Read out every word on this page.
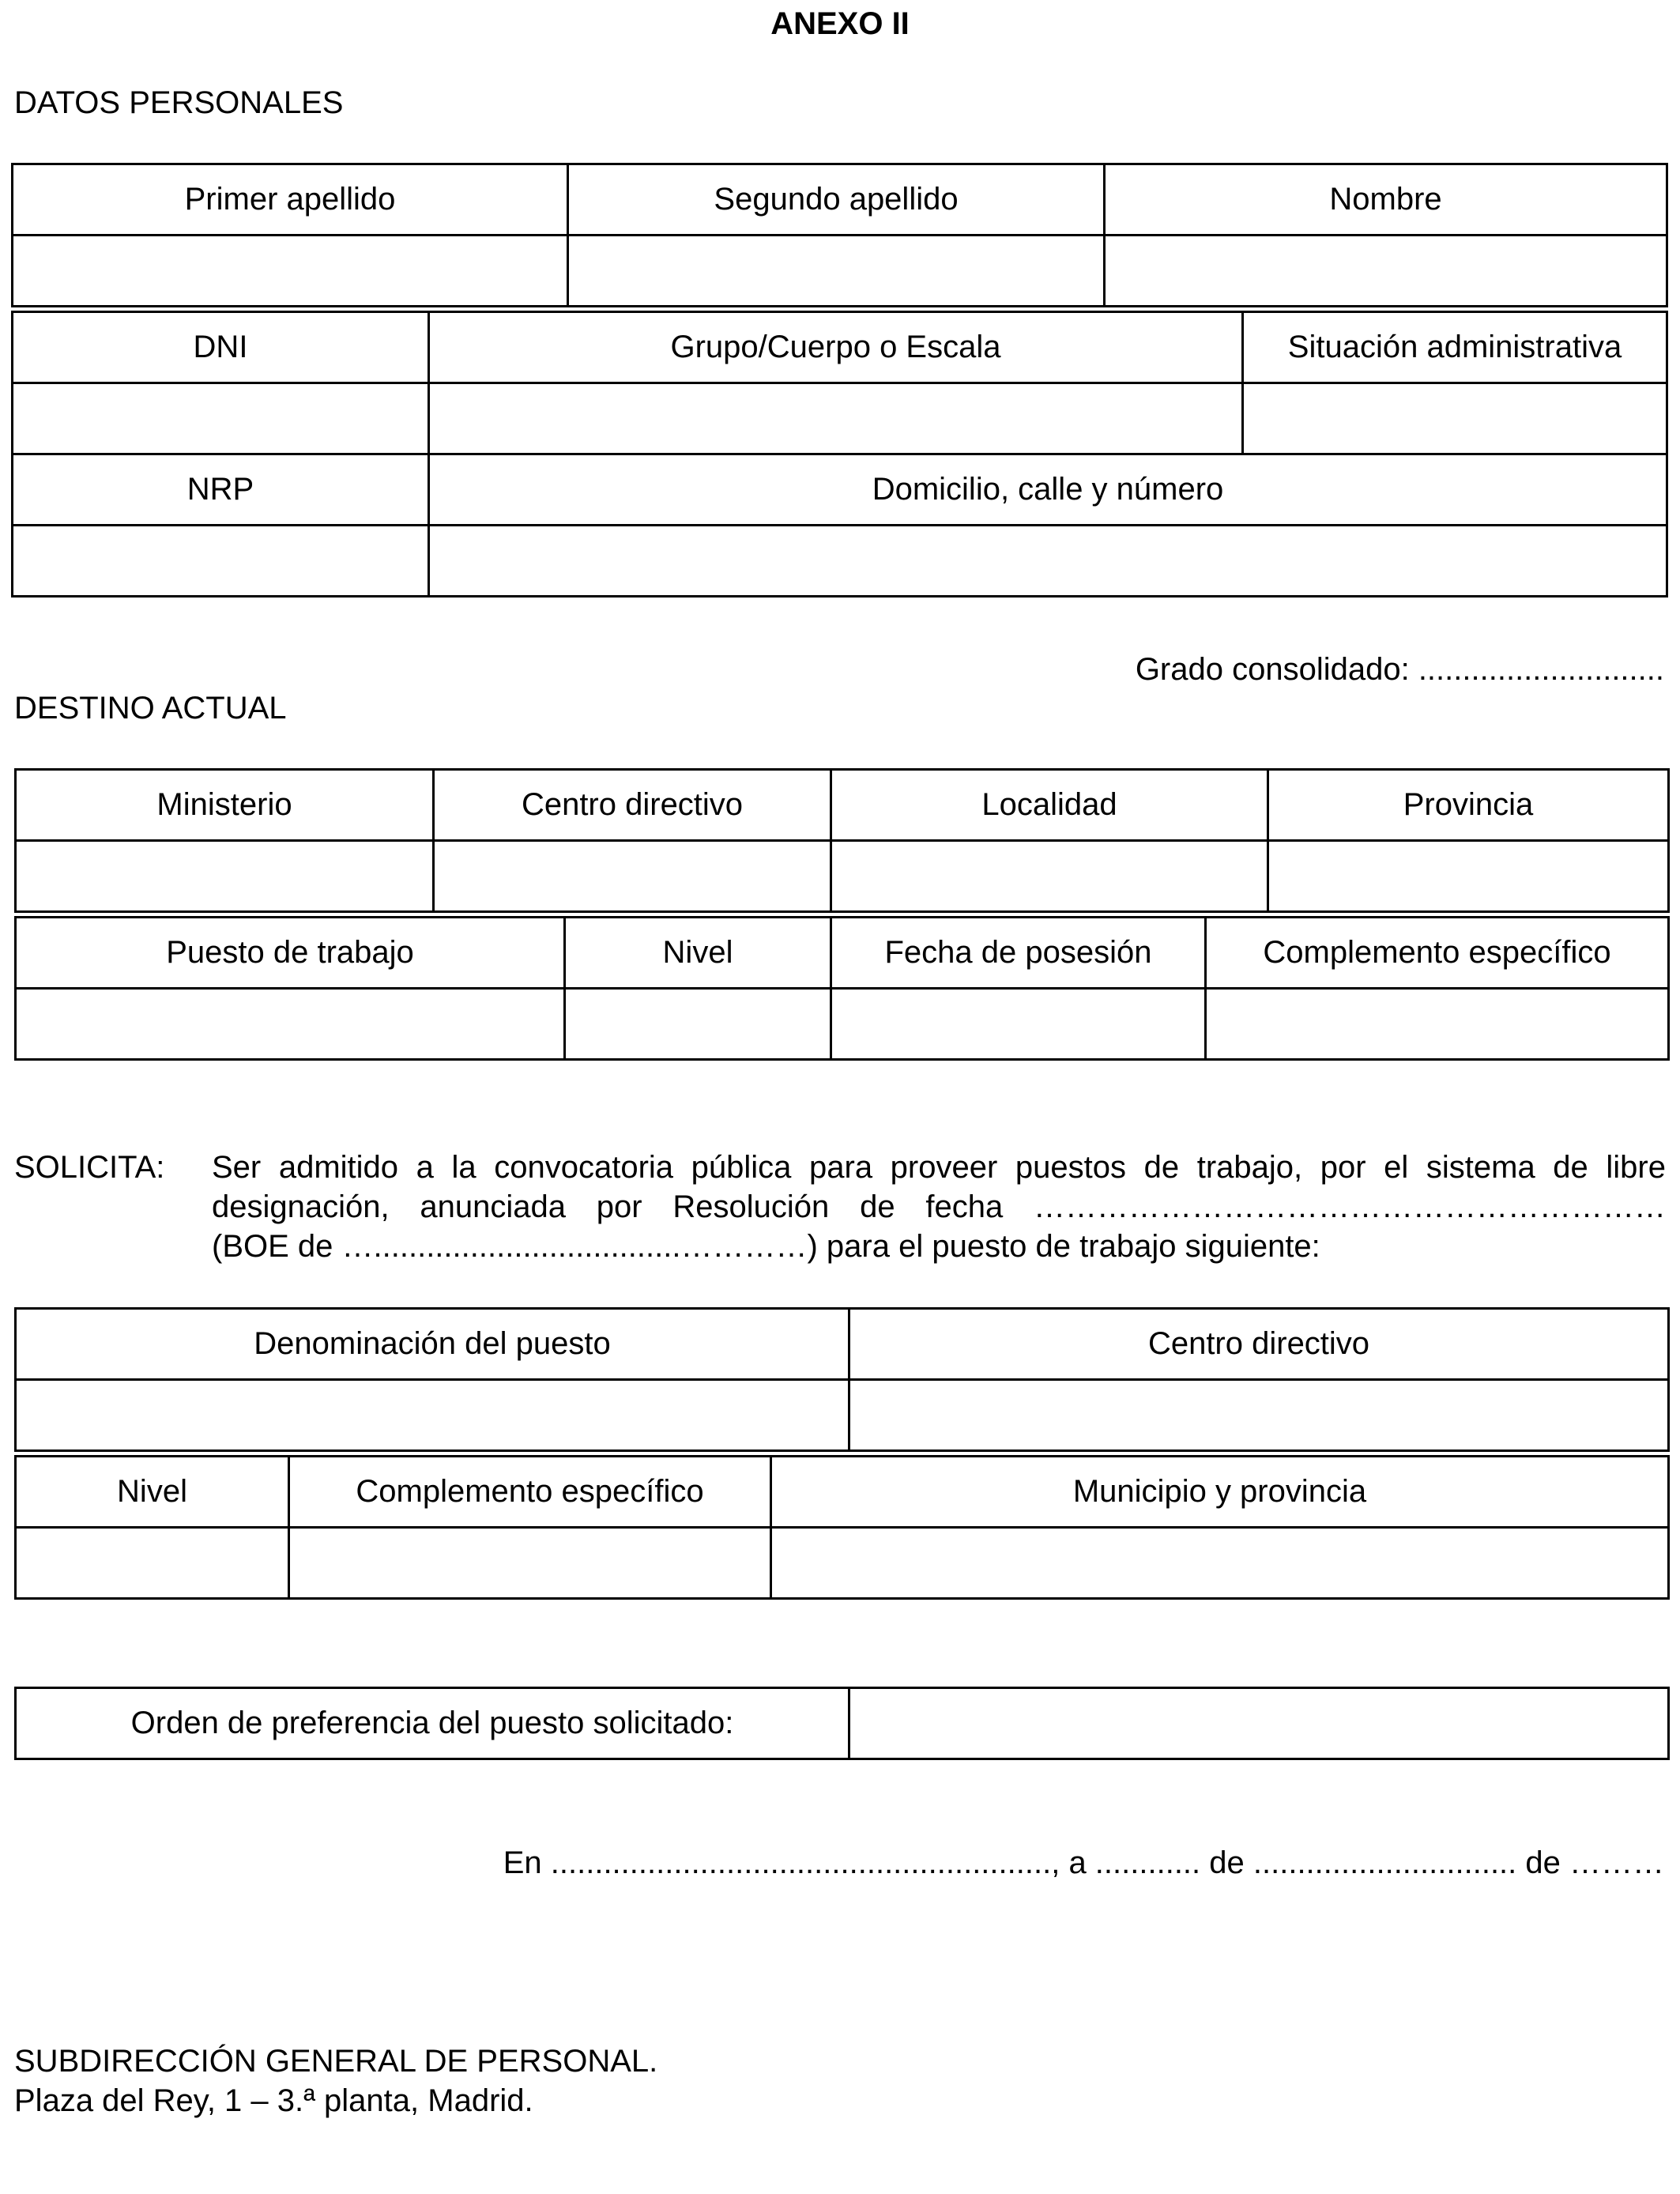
ANEXO II
DATOS PERSONALES
Primer apellido	Segundo apellido	Nombre

DNI	Grupo/Cuerpo o Escala	Situación administrativa

NRP	Domicilio, calle y número	

Grado consolidado: ............................
DESTINO ACTUAL
Ministerio	Centro directivo	Localidad	Provincia

Puesto de trabajo	Nivel	Fecha de posesión	Complemento específico

SOLICITA: Ser admitido a la convocatoria pública para proveer puestos de trabajo, por el sistema de libre
designación, anunciada por Resolución de fecha ……………………………………………………
(BOE de …...................................…………) para el puesto de trabajo siguiente:
Denominación del puesto	Centro directivo

Nivel	Complemento específico	Municipio y provincia

Orden de preferencia del puesto solicitado:	
En ........................................................., a ............ de .............................. de ………
SUBDIRECCIÓN GENERAL DE PERSONAL.
Plaza del Rey, 1 – 3.ª planta, Madrid.
